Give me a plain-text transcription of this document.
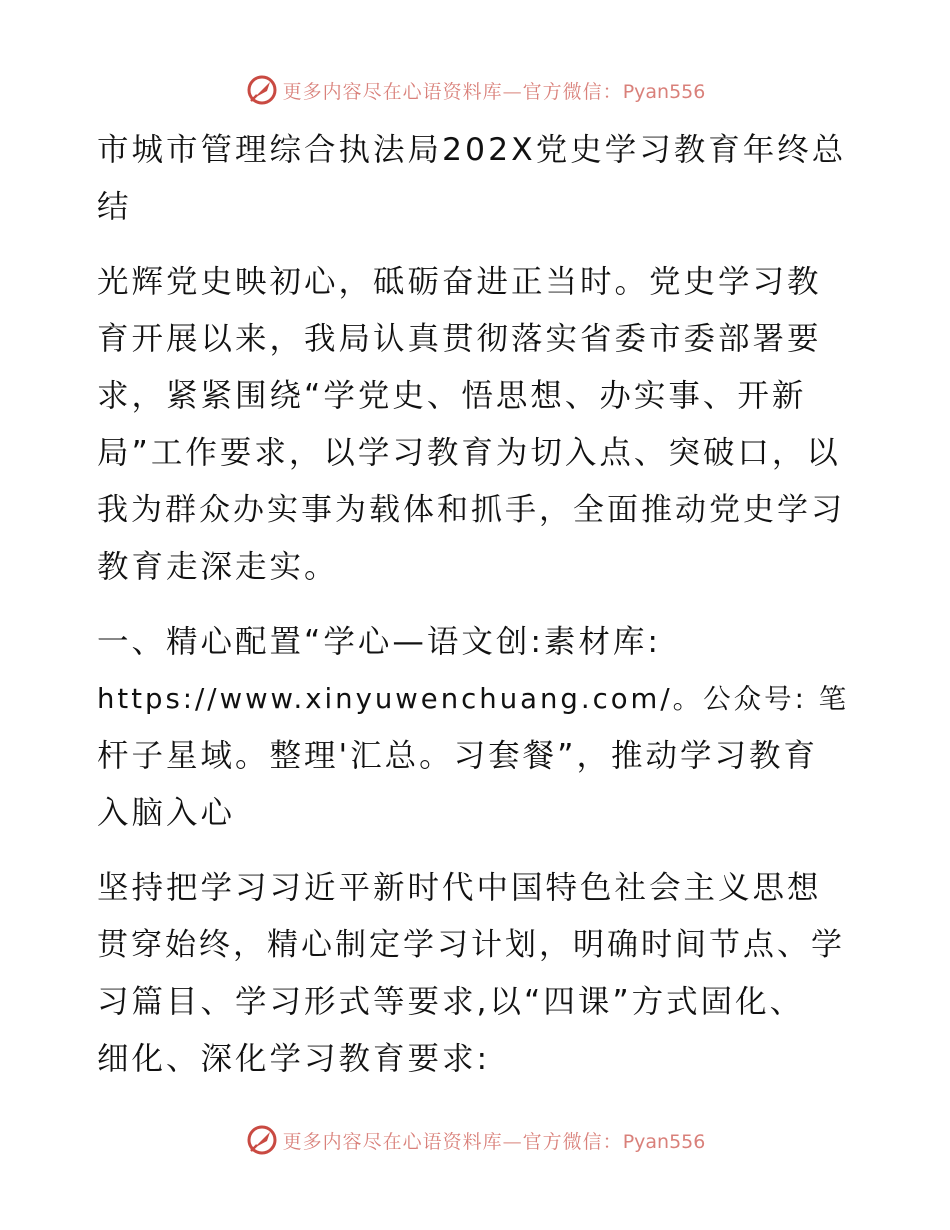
更多内容尽在心语资料库—官方微信：Pyan556
市城市管理综合执法局202X党史学习教育年终总
结
光辉党史映初心，砥砺奋进正当时。党史学习教
育开展以来，我局认真贯彻落实省委市委部署要
求，紧紧围绕“学党史、悟思想、办实事、开新
局”工作要求，以学习教育为切入点、突破口，以
我为群众办实事为载体和抓手，全面推动党史学习
教育走深走实。
一、精心配置“学心—语文创:素材库:
https://www.xinyuwenchuang.com/。公众号: 笔
杆子星域。整理'汇总。习套餐”，推动学习教育
入脑入心
坚持把学习习近平新时代中国特色社会主义思想
贯穿始终，精心制定学习计划，明确时间节点、学
习篇目、学习形式等要求,以“四课”方式固化、
细化、深化学习教育要求:
更多内容尽在心语资料库—官方微信：Pyan556
